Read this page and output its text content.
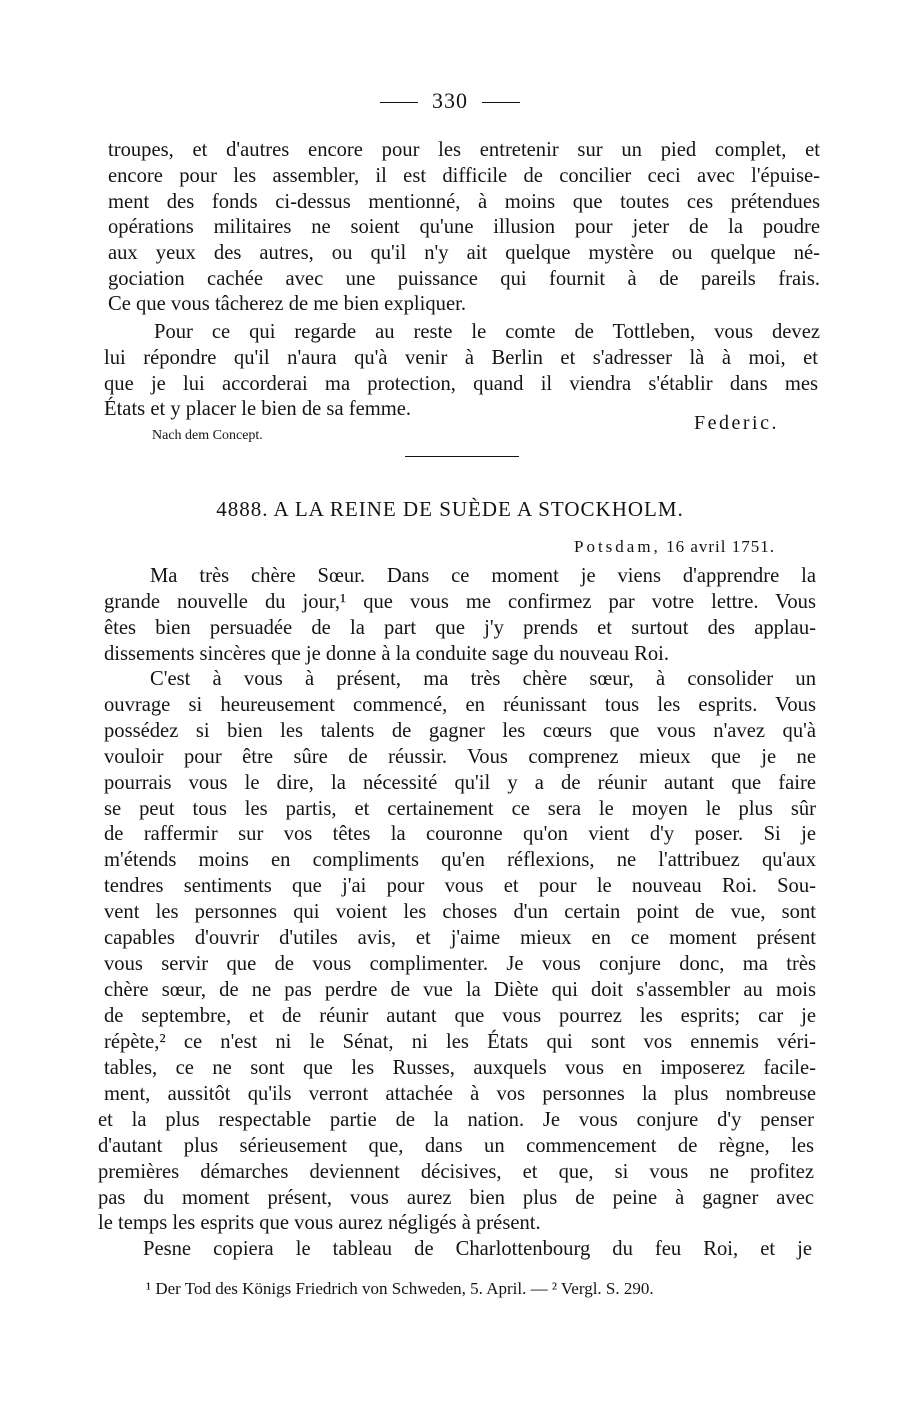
330
troupes, et d'autres encore pour les entretenir sur un pied complet, et
encore pour les assembler, il est difficile de concilier ceci avec l'épuise-
ment des fonds ci-dessus mentionné, à moins que toutes ces prétendues
opérations militaires ne soient qu'une illusion pour jeter de la poudre
aux yeux des autres, ou qu'il n'y ait quelque mystère ou quelque né-
gociation cachée avec une puissance qui fournit à de pareils frais.
Ce que vous tâcherez de me bien expliquer.
Pour ce qui regarde au reste le comte de Tottleben, vous devez
lui répondre qu'il n'aura qu'à venir à Berlin et s'adresser là à moi, et
que je lui accorderai ma protection, quand il viendra s'établir dans mes
États et y placer le bien de sa femme.
Federic.
Nach dem Concept.
4888. A LA REINE DE SUÈDE A STOCKHOLM.
Potsdam, 16 avril 1751.
Ma très chère Sœur. Dans ce moment je viens d'apprendre la
grande nouvelle du jour,¹ que vous me confirmez par votre lettre. Vous
êtes bien persuadée de la part que j'y prends et surtout des applau-
dissements sincères que je donne à la conduite sage du nouveau Roi.
C'est à vous à présent, ma très chère sœur, à consolider un
ouvrage si heureusement commencé, en réunissant tous les esprits. Vous
possédez si bien les talents de gagner les cœurs que vous n'avez qu'à
vouloir pour être sûre de réussir. Vous comprenez mieux que je ne
pourrais vous le dire, la nécessité qu'il y a de réunir autant que faire
se peut tous les partis, et certainement ce sera le moyen le plus sûr
de raffermir sur vos têtes la couronne qu'on vient d'y poser. Si je
m'étends moins en compliments qu'en réflexions, ne l'attribuez qu'aux
tendres sentiments que j'ai pour vous et pour le nouveau Roi. Sou-
vent les personnes qui voient les choses d'un certain point de vue, sont
capables d'ouvrir d'utiles avis, et j'aime mieux en ce moment présent
vous servir que de vous complimenter. Je vous conjure donc, ma très
chère sœur, de ne pas perdre de vue la Diète qui doit s'assembler au mois
de septembre, et de réunir autant que vous pourrez les esprits; car je
répète,² ce n'est ni le Sénat, ni les États qui sont vos ennemis véri-
tables, ce ne sont que les Russes, auxquels vous en imposerez facile-
ment, aussitôt qu'ils verront attachée à vos personnes la plus nombreuse
et la plus respectable partie de la nation. Je vous conjure d'y penser
d'autant plus sérieusement que, dans un commencement de règne, les
premières démarches deviennent décisives, et que, si vous ne profitez
pas du moment présent, vous aurez bien plus de peine à gagner avec
le temps les esprits que vous aurez négligés à présent.
Pesne copiera le tableau de Charlottenbourg du feu Roi, et je
¹ Der Tod des Königs Friedrich von Schweden, 5. April. — ² Vergl. S. 290.
